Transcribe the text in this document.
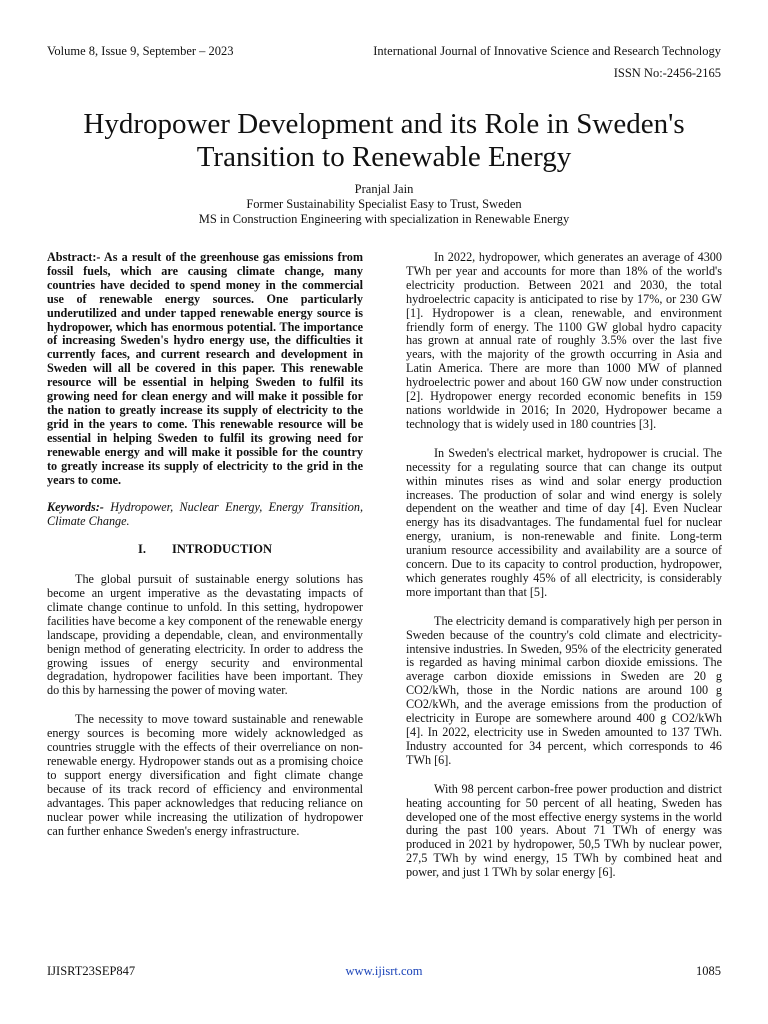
Volume 8, Issue 9, September – 2023	International Journal of Innovative Science and Research Technology
ISSN No:-2456-2165
Hydropower Development and its Role in Sweden's Transition to Renewable Energy
Pranjal Jain
Former Sustainability Specialist Easy to Trust, Sweden
MS in Construction Engineering with specialization in Renewable Energy

Abstract:- As a result of the greenhouse gas emissions from fossil fuels, which are causing climate change, many countries have decided to spend money in the commercial use of renewable energy sources. One particularly underutilized and under tapped renewable energy source is hydropower, which has enormous potential. The importance of increasing Sweden's hydro energy use, the difficulties it currently faces, and current research and development in Sweden will all be covered in this paper. This renewable resource will be essential in helping Sweden to fulfil its growing need for clean energy and will make it possible for the nation to greatly increase its supply of electricity to the grid in the years to come. This renewable resource will be essential in helping Sweden to fulfil its growing need for renewable energy and will make it possible for the country to greatly increase its supply of electricity to the grid in the years to come.

Keywords:- Hydropower, Nuclear Energy, Energy Transition, Climate Change.

I. INTRODUCTION

The global pursuit of sustainable energy solutions has become an urgent imperative as the devastating impacts of climate change continue to unfold. In this setting, hydropower facilities have become a key component of the renewable energy landscape, providing a dependable, clean, and environmentally benign method of generating electricity. In order to address the growing issues of energy security and environmental degradation, hydropower facilities have been important. They do this by harnessing the power of moving water.

The necessity to move toward sustainable and renewable energy sources is becoming more widely acknowledged as countries struggle with the effects of their overreliance on non-renewable energy. Hydropower stands out as a promising choice to support energy diversification and fight climate change because of its track record of efficiency and environmental advantages. This paper acknowledges that reducing reliance on nuclear power while increasing the utilization of hydropower can further enhance Sweden's energy infrastructure.

In 2022, hydropower, which generates an average of 4300 TWh per year and accounts for more than 18% of the world's electricity production. Between 2021 and 2030, the total hydroelectric capacity is anticipated to rise by 17%, or 230 GW [1]. Hydropower is a clean, renewable, and environment friendly form of energy. The 1100 GW global hydro capacity has grown at annual rate of roughly 3.5% over the last five years, with the majority of the growth occurring in Asia and Latin America. There are more than 1000 MW of planned hydroelectric power and about 160 GW now under construction [2]. Hydropower energy recorded economic benefits in 159 nations worldwide in 2016; In 2020, Hydropower became a technology that is widely used in 180 countries [3].

In Sweden's electrical market, hydropower is crucial. The necessity for a regulating source that can change its output within minutes rises as wind and solar energy production increases. The production of solar and wind energy is solely dependent on the weather and time of day [4]. Even Nuclear energy has its disadvantages. The fundamental fuel for nuclear energy, uranium, is non-renewable and finite. Long-term uranium resource accessibility and availability are a source of concern. Due to its capacity to control production, hydropower, which generates roughly 45% of all electricity, is considerably more important than that [5].

The electricity demand is comparatively high per person in Sweden because of the country's cold climate and electricity-intensive industries. In Sweden, 95% of the electricity generated is regarded as having minimal carbon dioxide emissions. The average carbon dioxide emissions in Sweden are 20 g CO2/kWh, those in the Nordic nations are around 100 g CO2/kWh, and the average emissions from the production of electricity in Europe are somewhere around 400 g CO2/kWh [4]. In 2022, electricity use in Sweden amounted to 137 TWh. Industry accounted for 34 percent, which corresponds to 46 TWh [6].

With 98 percent carbon-free power production and district heating accounting for 50 percent of all heating, Sweden has developed one of the most effective energy systems in the world during the past 100 years. About 71 TWh of energy was produced in 2021 by hydropower, 50,5 TWh by nuclear power, 27,5 TWh by wind energy, 15 TWh by combined heat and power, and just 1 TWh by solar energy [6].

IJISRT23SEP847	www.ijisrt.com	1085
